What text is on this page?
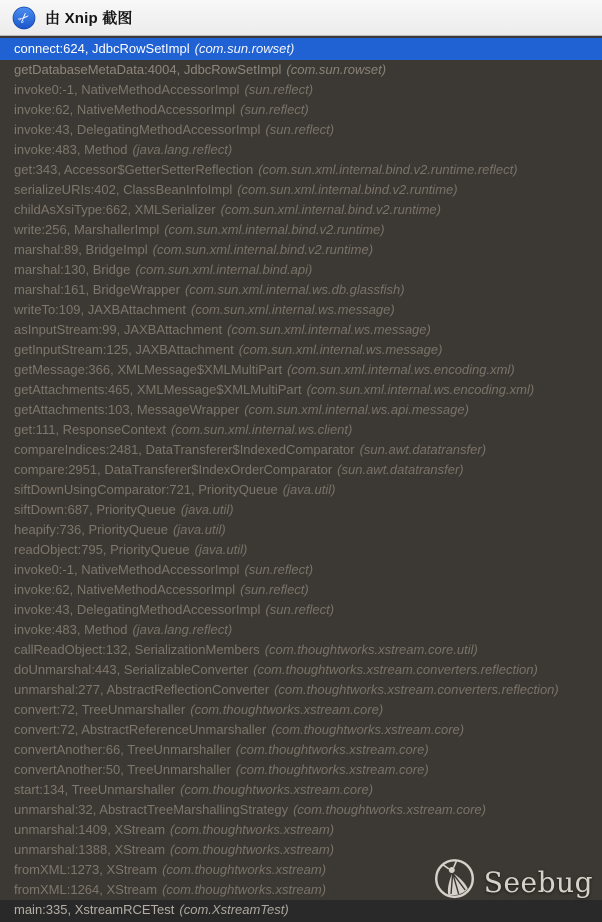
✂ 由 Xnip 截图
connect:624, JdbcRowSetImpl (com.sun.rowset)
getDatabaseMetaData:4004, JdbcRowSetImpl (com.sun.rowset)
invoke0:-1, NativeMethodAccessorImpl (sun.reflect)
invoke:62, NativeMethodAccessorImpl (sun.reflect)
invoke:43, DelegatingMethodAccessorImpl (sun.reflect)
invoke:483, Method (java.lang.reflect)
get:343, Accessor$GetterSetterReflection (com.sun.xml.internal.bind.v2.runtime.reflect)
serializeURIs:402, ClassBeanInfoImpl (com.sun.xml.internal.bind.v2.runtime)
childAsXsiType:662, XMLSerializer (com.sun.xml.internal.bind.v2.runtime)
write:256, MarshallerImpl (com.sun.xml.internal.bind.v2.runtime)
marshal:89, BridgeImpl (com.sun.xml.internal.bind.v2.runtime)
marshal:130, Bridge (com.sun.xml.internal.bind.api)
marshal:161, BridgeWrapper (com.sun.xml.internal.ws.db.glassfish)
writeTo:109, JAXBAttachment (com.sun.xml.internal.ws.message)
asInputStream:99, JAXBAttachment (com.sun.xml.internal.ws.message)
getInputStream:125, JAXBAttachment (com.sun.xml.internal.ws.message)
getMessage:366, XMLMessage$XMLMultiPart (com.sun.xml.internal.ws.encoding.xml)
getAttachments:465, XMLMessage$XMLMultiPart (com.sun.xml.internal.ws.encoding.xml)
getAttachments:103, MessageWrapper (com.sun.xml.internal.ws.api.message)
get:111, ResponseContext (com.sun.xml.internal.ws.client)
compareIndices:2481, DataTransferer$IndexedComparator (sun.awt.datatransfer)
compare:2951, DataTransferer$IndexOrderComparator (sun.awt.datatransfer)
siftDownUsingComparator:721, PriorityQueue (java.util)
siftDown:687, PriorityQueue (java.util)
heapify:736, PriorityQueue (java.util)
readObject:795, PriorityQueue (java.util)
invoke0:-1, NativeMethodAccessorImpl (sun.reflect)
invoke:62, NativeMethodAccessorImpl (sun.reflect)
invoke:43, DelegatingMethodAccessorImpl (sun.reflect)
invoke:483, Method (java.lang.reflect)
callReadObject:132, SerializationMembers (com.thoughtworks.xstream.core.util)
doUnmarshal:443, SerializableConverter (com.thoughtworks.xstream.converters.reflection)
unmarshal:277, AbstractReflectionConverter (com.thoughtworks.xstream.converters.reflection)
convert:72, TreeUnmarshaller (com.thoughtworks.xstream.core)
convert:72, AbstractReferenceUnmarshaller (com.thoughtworks.xstream.core)
convertAnother:66, TreeUnmarshaller (com.thoughtworks.xstream.core)
convertAnother:50, TreeUnmarshaller (com.thoughtworks.xstream.core)
start:134, TreeUnmarshaller (com.thoughtworks.xstream.core)
unmarshal:32, AbstractTreeMarshallingStrategy (com.thoughtworks.xstream.core)
unmarshal:1409, XStream (com.thoughtworks.xstream)
unmarshal:1388, XStream (com.thoughtworks.xstream)
fromXML:1273, XStream (com.thoughtworks.xstream)
fromXML:1264, XStream (com.thoughtworks.xstream)
main:335, XstreamRCETest (com.XstreamTest)
Seebug
